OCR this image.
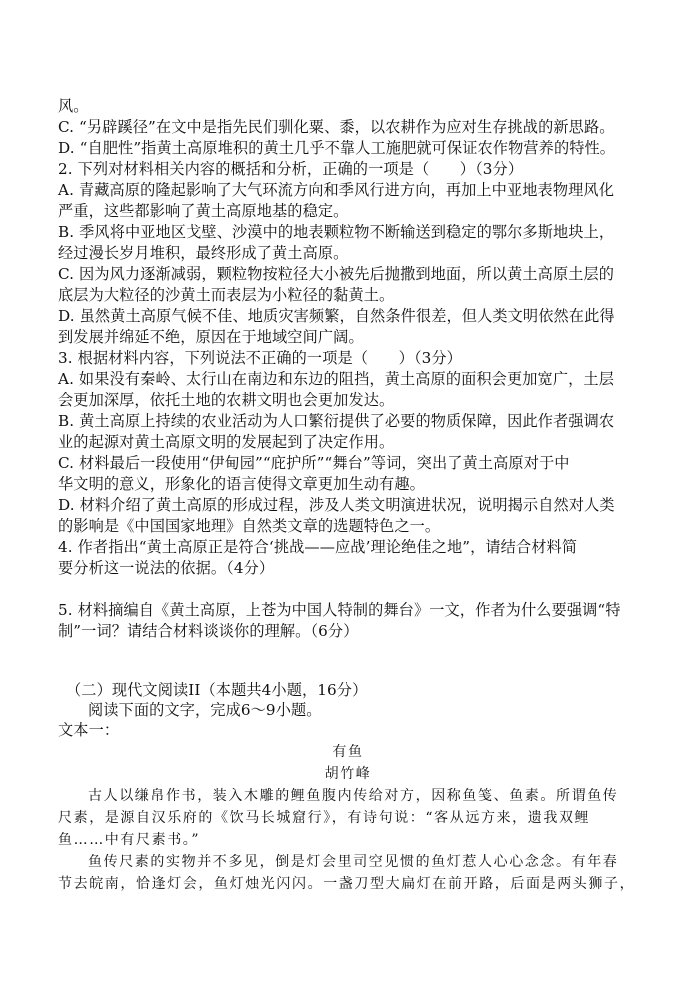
风。
C. “另辟蹊径”在文中是指先民们驯化粟、黍，以农耕作为应对生存挑战的新思路。
D. “自肥性”指黄土高原堆积的黄土几乎不靠人工施肥就可保证农作物营养的特性。
2. 下列对材料相关内容的概括和分析，正确的一项是（　　）（3分）
A. 青藏高原的隆起影响了大气环流方向和季风行进方向，再加上中亚地表物理风化
严重，这些都影响了黄土高原地基的稳定。
B. 季风将中亚地区戈壁、沙漠中的地表颗粒物不断输送到稳定的鄂尔多斯地块上，
经过漫长岁月堆积，最终形成了黄土高原。
C. 因为风力逐渐减弱，颗粒物按粒径大小被先后抛撒到地面，所以黄土高原土层的
底层为大粒径的沙黄土而表层为小粒径的黏黄土。
D. 虽然黄土高原气候不佳、地质灾害频繁，自然条件很差，但人类文明依然在此得
到发展并绵延不绝，原因在于地域空间广阔。
3. 根据材料内容，下列说法不正确的一项是（　　）（3分）
A. 如果没有秦岭、太行山在南边和东边的阻挡，黄土高原的面积会更加宽广，土层
会更加深厚，依托土地的农耕文明也会更加发达。
B. 黄土高原上持续的农业活动为人口繁衍提供了必要的物质保障，因此作者强调农
业的起源对黄土高原文明的发展起到了决定作用。
C. 材料最后一段使用“伊甸园”“庇护所”“舞台”等词，突出了黄土高原对于中
华文明的意义，形象化的语言使得文章更加生动有趣。
D. 材料介绍了黄土高原的形成过程，涉及人类文明演进状况，说明揭示自然对人类
的影响是《中国国家地理》自然类文章的选题特色之一。
4. 作者指出“黄土高原正是符合‘挑战——应战’理论绝佳之地”，请结合材料简
要分析这一说法的依据。（4分）
5. 材料摘编自《黄土高原，上苍为中国人特制的舞台》一文，作者为什么要强调“特
制”一词？请结合材料谈谈你的理解。（6分）
（二）现代文阅读II（本题共4小题，16分）
阅读下面的文字，完成6～9小题。
文本一：
有鱼
胡竹峰
古人以缣帛作书，装入木雕的鲤鱼腹内传给对方，因称鱼笺、鱼素。所谓鱼传
尺素，是源自汉乐府的《饮马长城窟行》，有诗句说：“客从远方来，遗我双鲤
鱼……中有尺素书。”
鱼传尺素的实物并不多见，倒是灯会里司空见惯的鱼灯惹人心心念念。有年春
节去皖南，恰逢灯会，鱼灯烛光闪闪。一盏刀型大扁灯在前开路，后面是两头狮子，
